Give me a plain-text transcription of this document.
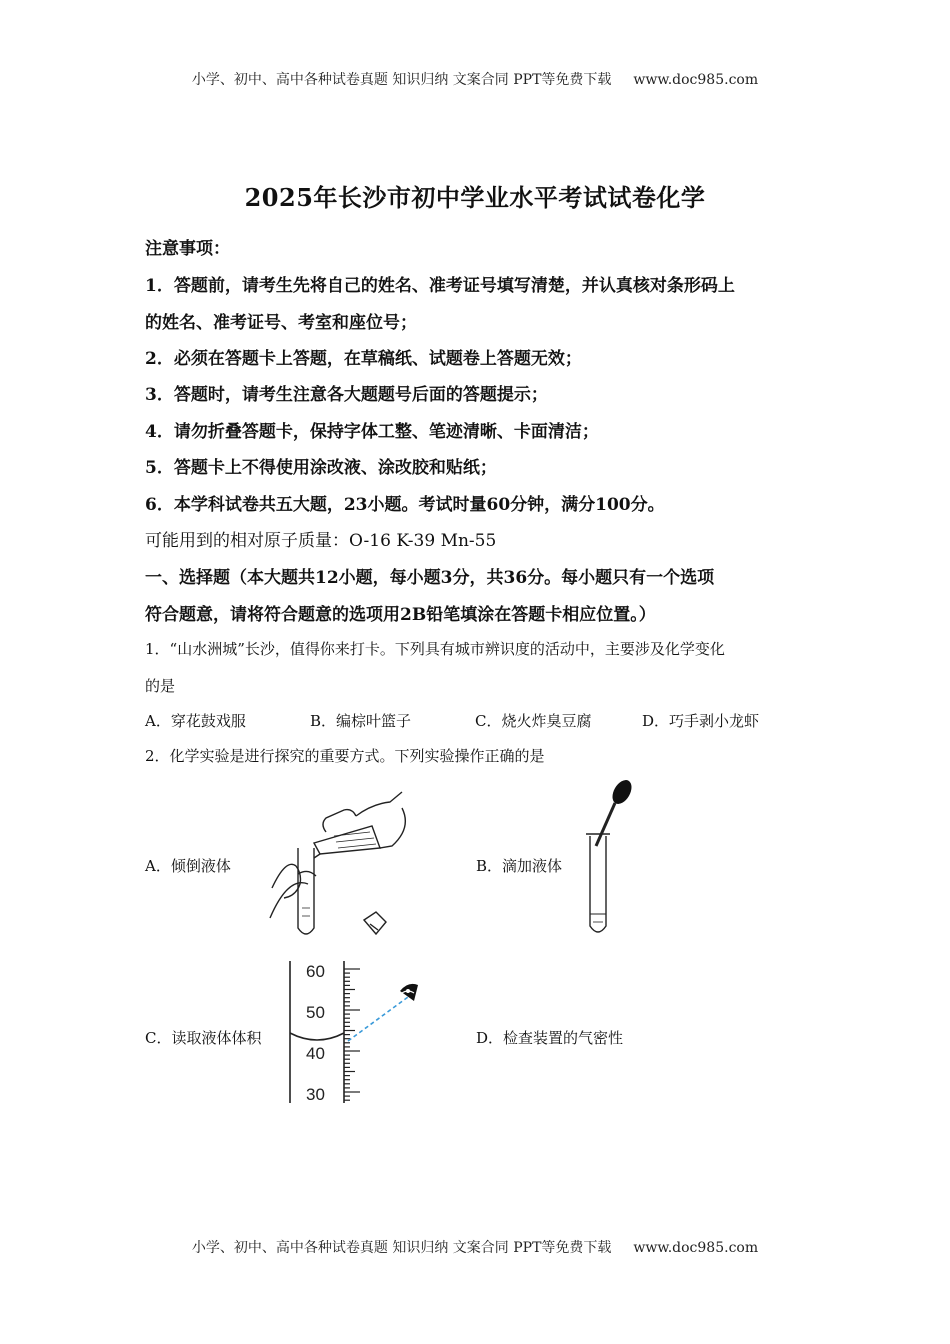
小学、初中、高中各种试卷真题 知识归纳 文案合同 PPT等免费下载 www.doc985.com
2025年长沙市初中学业水平考试试卷化学
注意事项：
1．答题前，请考生先将自己的姓名、准考证号填写清楚，并认真核对条形码上
的姓名、准考证号、考室和座位号；
2．必须在答题卡上答题，在草稿纸、试题卷上答题无效；
3．答题时，请考生注意各大题题号后面的答题提示；
4．请勿折叠答题卡，保持字体工整、笔迹清晰、卡面清洁；
5．答题卡上不得使用涂改液、涂改胶和贴纸；
6．本学科试卷共五大题，23小题。考试时量60分钟，满分100分。
可能用到的相对原子质量：O-16 K-39 Mn-55
一、选择题（本大题共12小题，每小题3分，共36分。每小题只有一个选项
符合题意，请将符合题意的选项用2B铅笔填涂在答题卡相应位置。）
1．“山水洲城”长沙，值得你来打卡。下列具有城市辨识度的活动中，主要涉及化学变化
的是
A．穿花鼓戏服	B．编棕叶篮子	C．烧火炸臭豆腐	D．巧手剥小龙虾
2．化学实验是进行探究的重要方式。下列实验操作正确的是
A．倾倒液体	B．滴加液体
C．读取液体体积	D．检查装置的气密性
60
50
40
30
小学、初中、高中各种试卷真题 知识归纳 文案合同 PPT等免费下载 www.doc985.com
